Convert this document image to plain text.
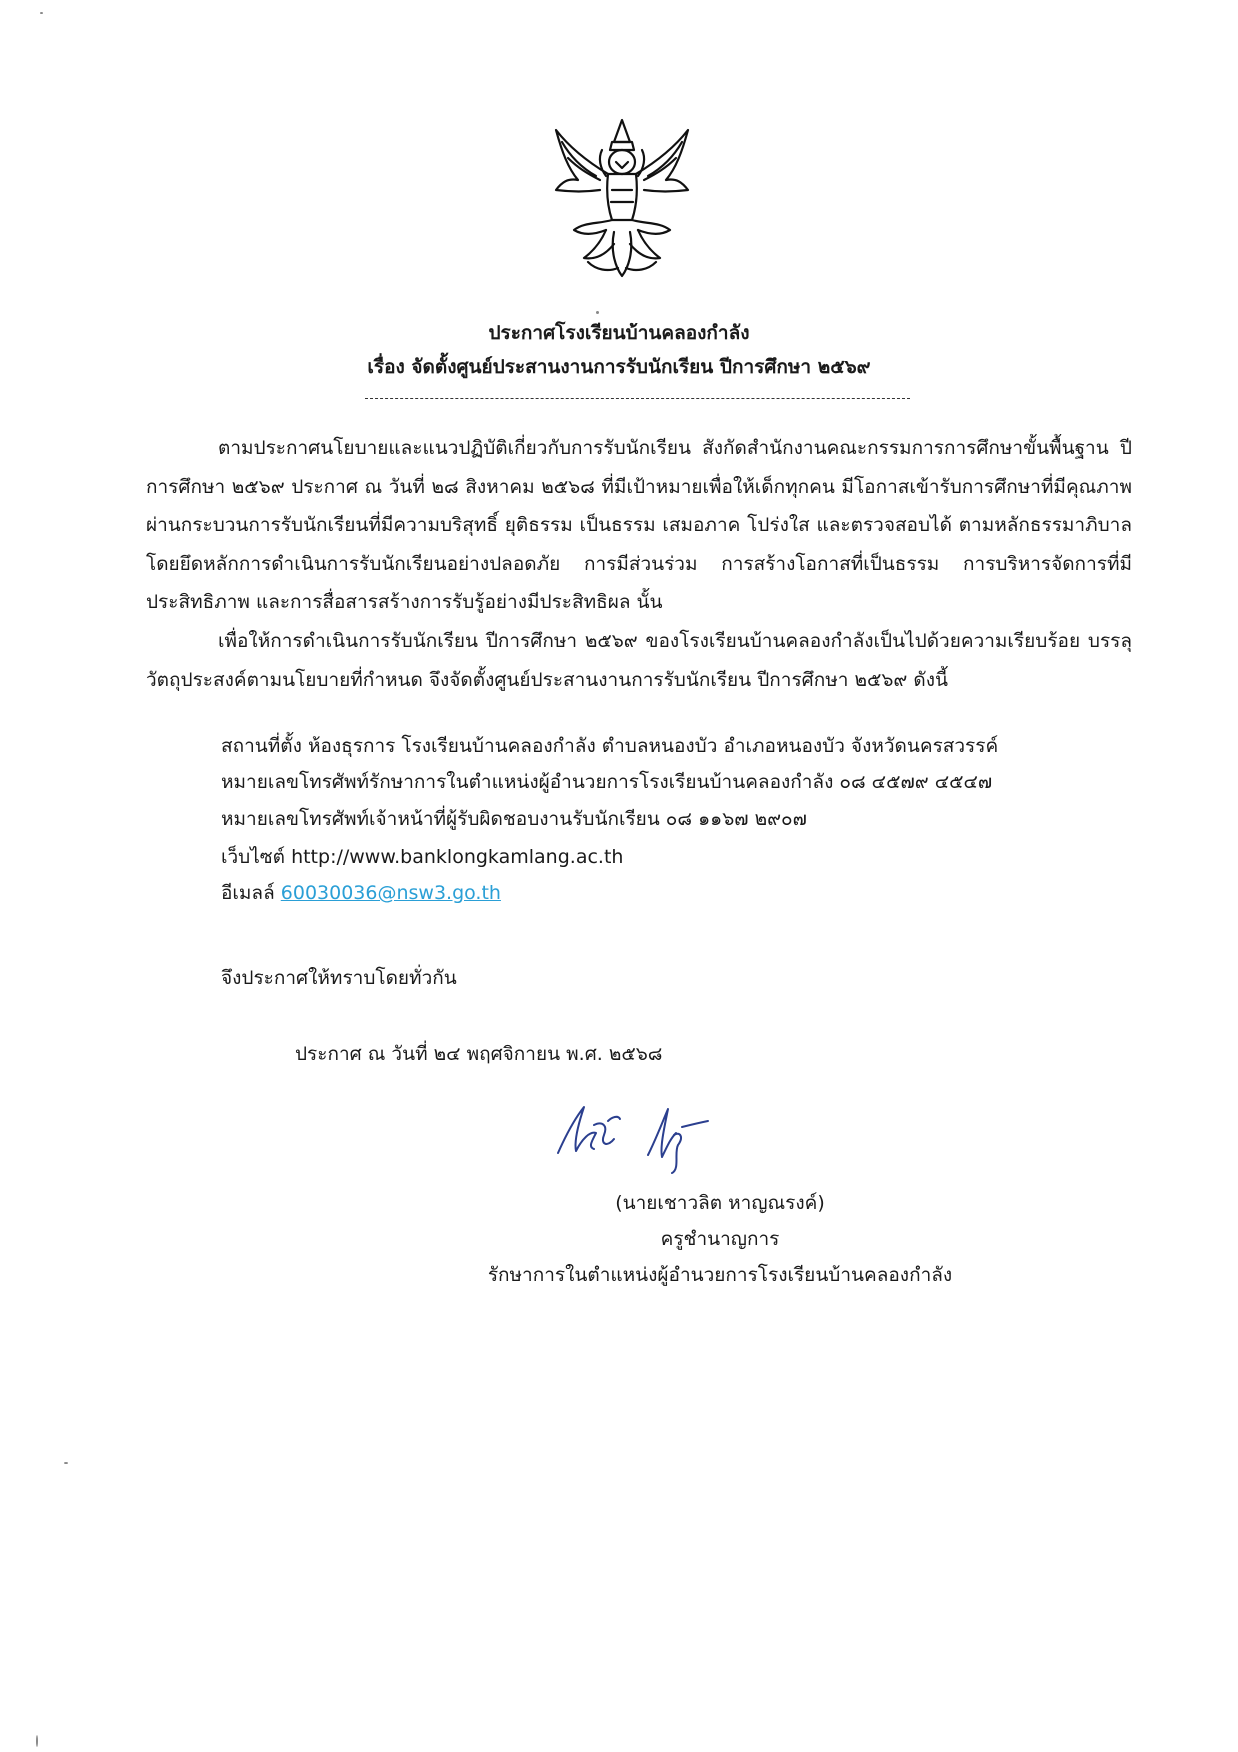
ประกาศโรงเรียนบ้านคลองกำลัง
เรื่อง จัดตั้งศูนย์ประสานงานการรับนักเรียน ปีการศึกษา ๒๕๖๙

ตามประกาศนโยบายและแนวปฏิบัติเกี่ยวกับการรับนักเรียน สังกัดสำนักงานคณะกรรมการการศึกษาขั้นพื้นฐาน ปีการศึกษา ๒๕๖๙ ประกาศ ณ วันที่ ๒๘ สิงหาคม ๒๕๖๘ ที่มีเป้าหมายเพื่อให้เด็กทุกคน มีโอกาสเข้ารับการศึกษาที่มีคุณภาพ ผ่านกระบวนการรับนักเรียนที่มีความบริสุทธิ์ ยุติธรรม เป็นธรรม เสมอภาค โปร่งใส และตรวจสอบได้ ตามหลักธรรมาภิบาล โดยยึดหลักการดำเนินการรับนักเรียนอย่างปลอดภัย การมีส่วนร่วม การสร้างโอกาสที่เป็นธรรม การบริหารจัดการที่มีประสิทธิภาพ และการสื่อสารสร้างการรับรู้อย่างมีประสิทธิผล นั้น

เพื่อให้การดำเนินการรับนักเรียน ปีการศึกษา ๒๕๖๙ ของโรงเรียนบ้านคลองกำลังเป็นไปด้วยความเรียบร้อย บรรลุวัตถุประสงค์ตามนโยบายที่กำหนด จึงจัดตั้งศูนย์ประสานงานการรับนักเรียน ปีการศึกษา ๒๕๖๙ ดังนี้

สถานที่ตั้ง ห้องธุรการ โรงเรียนบ้านคลองกำลัง ตำบลหนองบัว อำเภอหนองบัว จังหวัดนครสวรรค์
หมายเลขโทรศัพท์รักษาการในตำแหน่งผู้อำนวยการโรงเรียนบ้านคลองกำลัง ๐๘ ๔๕๗๙ ๔๕๔๗
หมายเลขโทรศัพท์เจ้าหน้าที่ผู้รับผิดชอบงานรับนักเรียน ๐๘ ๑๑๖๗ ๒๙๐๗
เว็บไซต์ http://www.banklongkamlang.ac.th
อีเมลล์ 60030036@nsw3.go.th
จึงประกาศให้ทราบโดยทั่วกัน
ประกาศ ณ วันที่ ๒๔ พฤศจิกายน พ.ศ. ๒๕๖๘
(นายเชาวลิต หาญณรงค์)
ครูชำนาญการ
รักษาการในตำแหน่งผู้อำนวยการโรงเรียนบ้านคลองกำลัง
